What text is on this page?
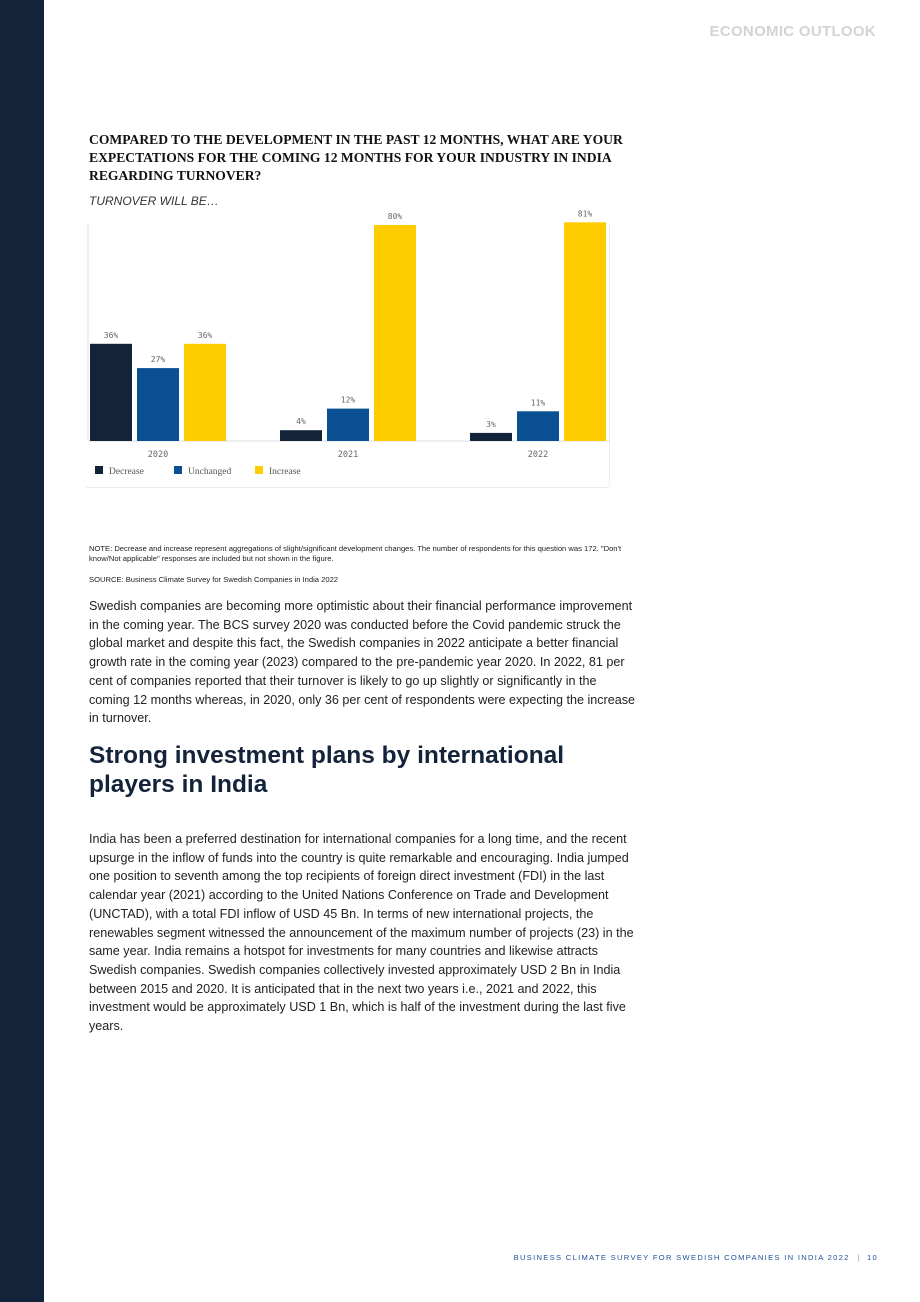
ECONOMIC OUTLOOK
COMPARED TO THE DEVELOPMENT IN THE PAST 12 MONTHS, WHAT ARE YOUR EXPECTATIONS FOR THE COMING 12 MONTHS FOR YOUR INDUSTRY IN INDIA REGARDING TURNOVER?
TURNOVER WILL BE…
36%
27%
36%
2020
4%
12%
80%
2021
3%
11%
81%
2022
Decrease	Unchanged	Increase

NOTE: Decrease and increase represent aggregations of slight/significant development changes. The number of respondents for this question was 172. "Don't know/Not applicable" responses are included but not shown in the figure.

SOURCE: Business Climate Survey for Swedish Companies in India 2022

Swedish companies are becoming more optimistic about their financial performance improvement in the coming year. The BCS survey 2020 was conducted before the Covid pandemic struck the global market and despite this fact, the Swedish companies in 2022 anticipate a better financial growth rate in the coming year (2023) compared to the pre-pandemic year 2020. In 2022, 81 per cent of companies reported that their turnover is likely to go up slightly or significantly in the coming 12 months whereas, in 2020, only 36 per cent of respondents were expecting the increase in turnover.

Strong investment plans by international players in India

India has been a preferred destination for international companies for a long time, and the recent upsurge in the inflow of funds into the country is quite remarkable and encouraging. India jumped one position to seventh among the top recipients of foreign direct investment (FDI) in the last calendar year (2021) according to the United Nations Conference on Trade and Development (UNCTAD), with a total FDI inflow of USD 45 Bn. In terms of new international projects, the renewables segment witnessed the announcement of the maximum number of projects (23) in the same year. India remains a hotspot for investments for many countries and likewise attracts Swedish companies. Swedish companies collectively invested approximately USD 2 Bn in India between 2015 and 2020. It is anticipated that in the next two years i.e., 2021 and 2022, this investment would be approximately USD 1 Bn, which is half of the investment during the last five years.

BUSINESS CLIMATE SURVEY FOR SWEDISH COMPANIES IN INDIA 2022 | 10
